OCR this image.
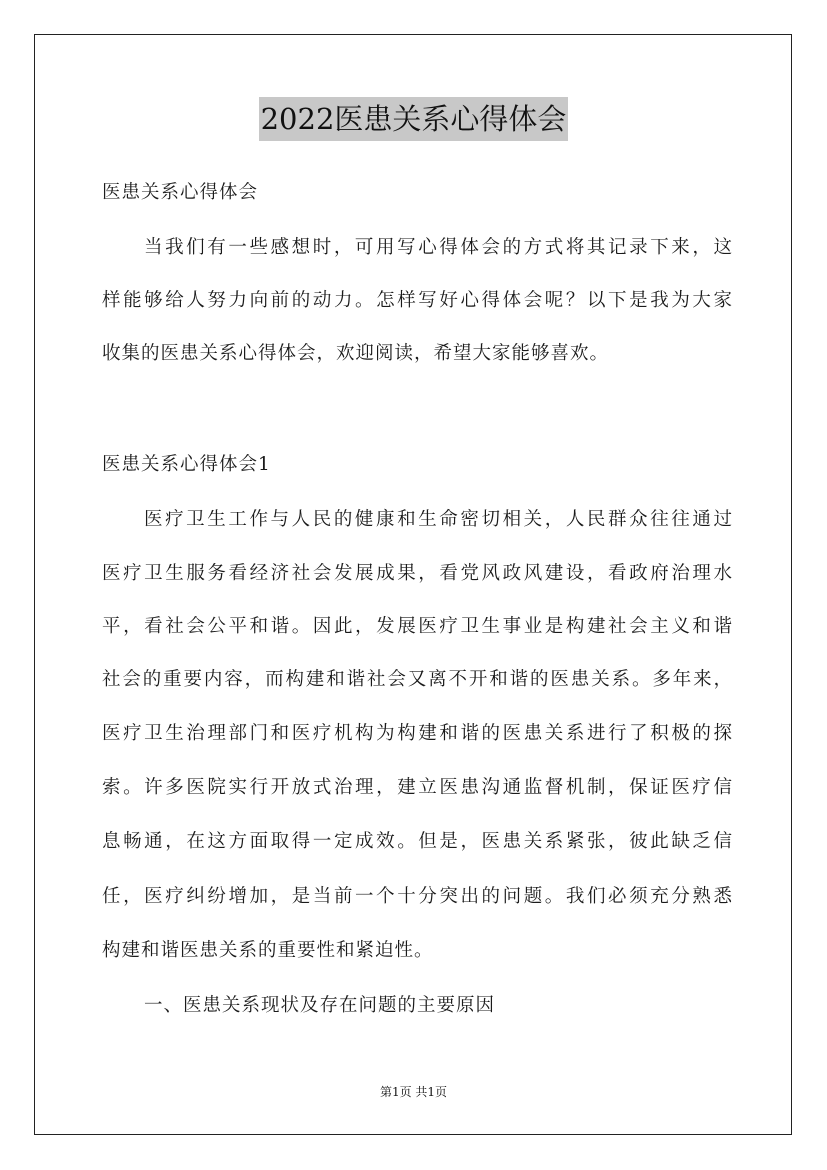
2022医患关系心得体会
医患关系心得体会
当我们有一些感想时，可用写心得体会的方式将其记录下来，这
样能够给人努力向前的动力。怎样写好心得体会呢？以下是我为大家
收集的医患关系心得体会，欢迎阅读，希望大家能够喜欢。
医患关系心得体会1
医疗卫生工作与人民的健康和生命密切相关，人民群众往往通过
医疗卫生服务看经济社会发展成果，看党风政风建设，看政府治理水
平，看社会公平和谐。因此，发展医疗卫生事业是构建社会主义和谐
社会的重要内容，而构建和谐社会又离不开和谐的医患关系。多年来，
医疗卫生治理部门和医疗机构为构建和谐的医患关系进行了积极的探
索。许多医院实行开放式治理，建立医患沟通监督机制，保证医疗信
息畅通，在这方面取得一定成效。但是，医患关系紧张，彼此缺乏信
任，医疗纠纷增加，是当前一个十分突出的问题。我们必须充分熟悉
构建和谐医患关系的重要性和紧迫性。
一、医患关系现状及存在问题的主要原因
第1页 共1页
